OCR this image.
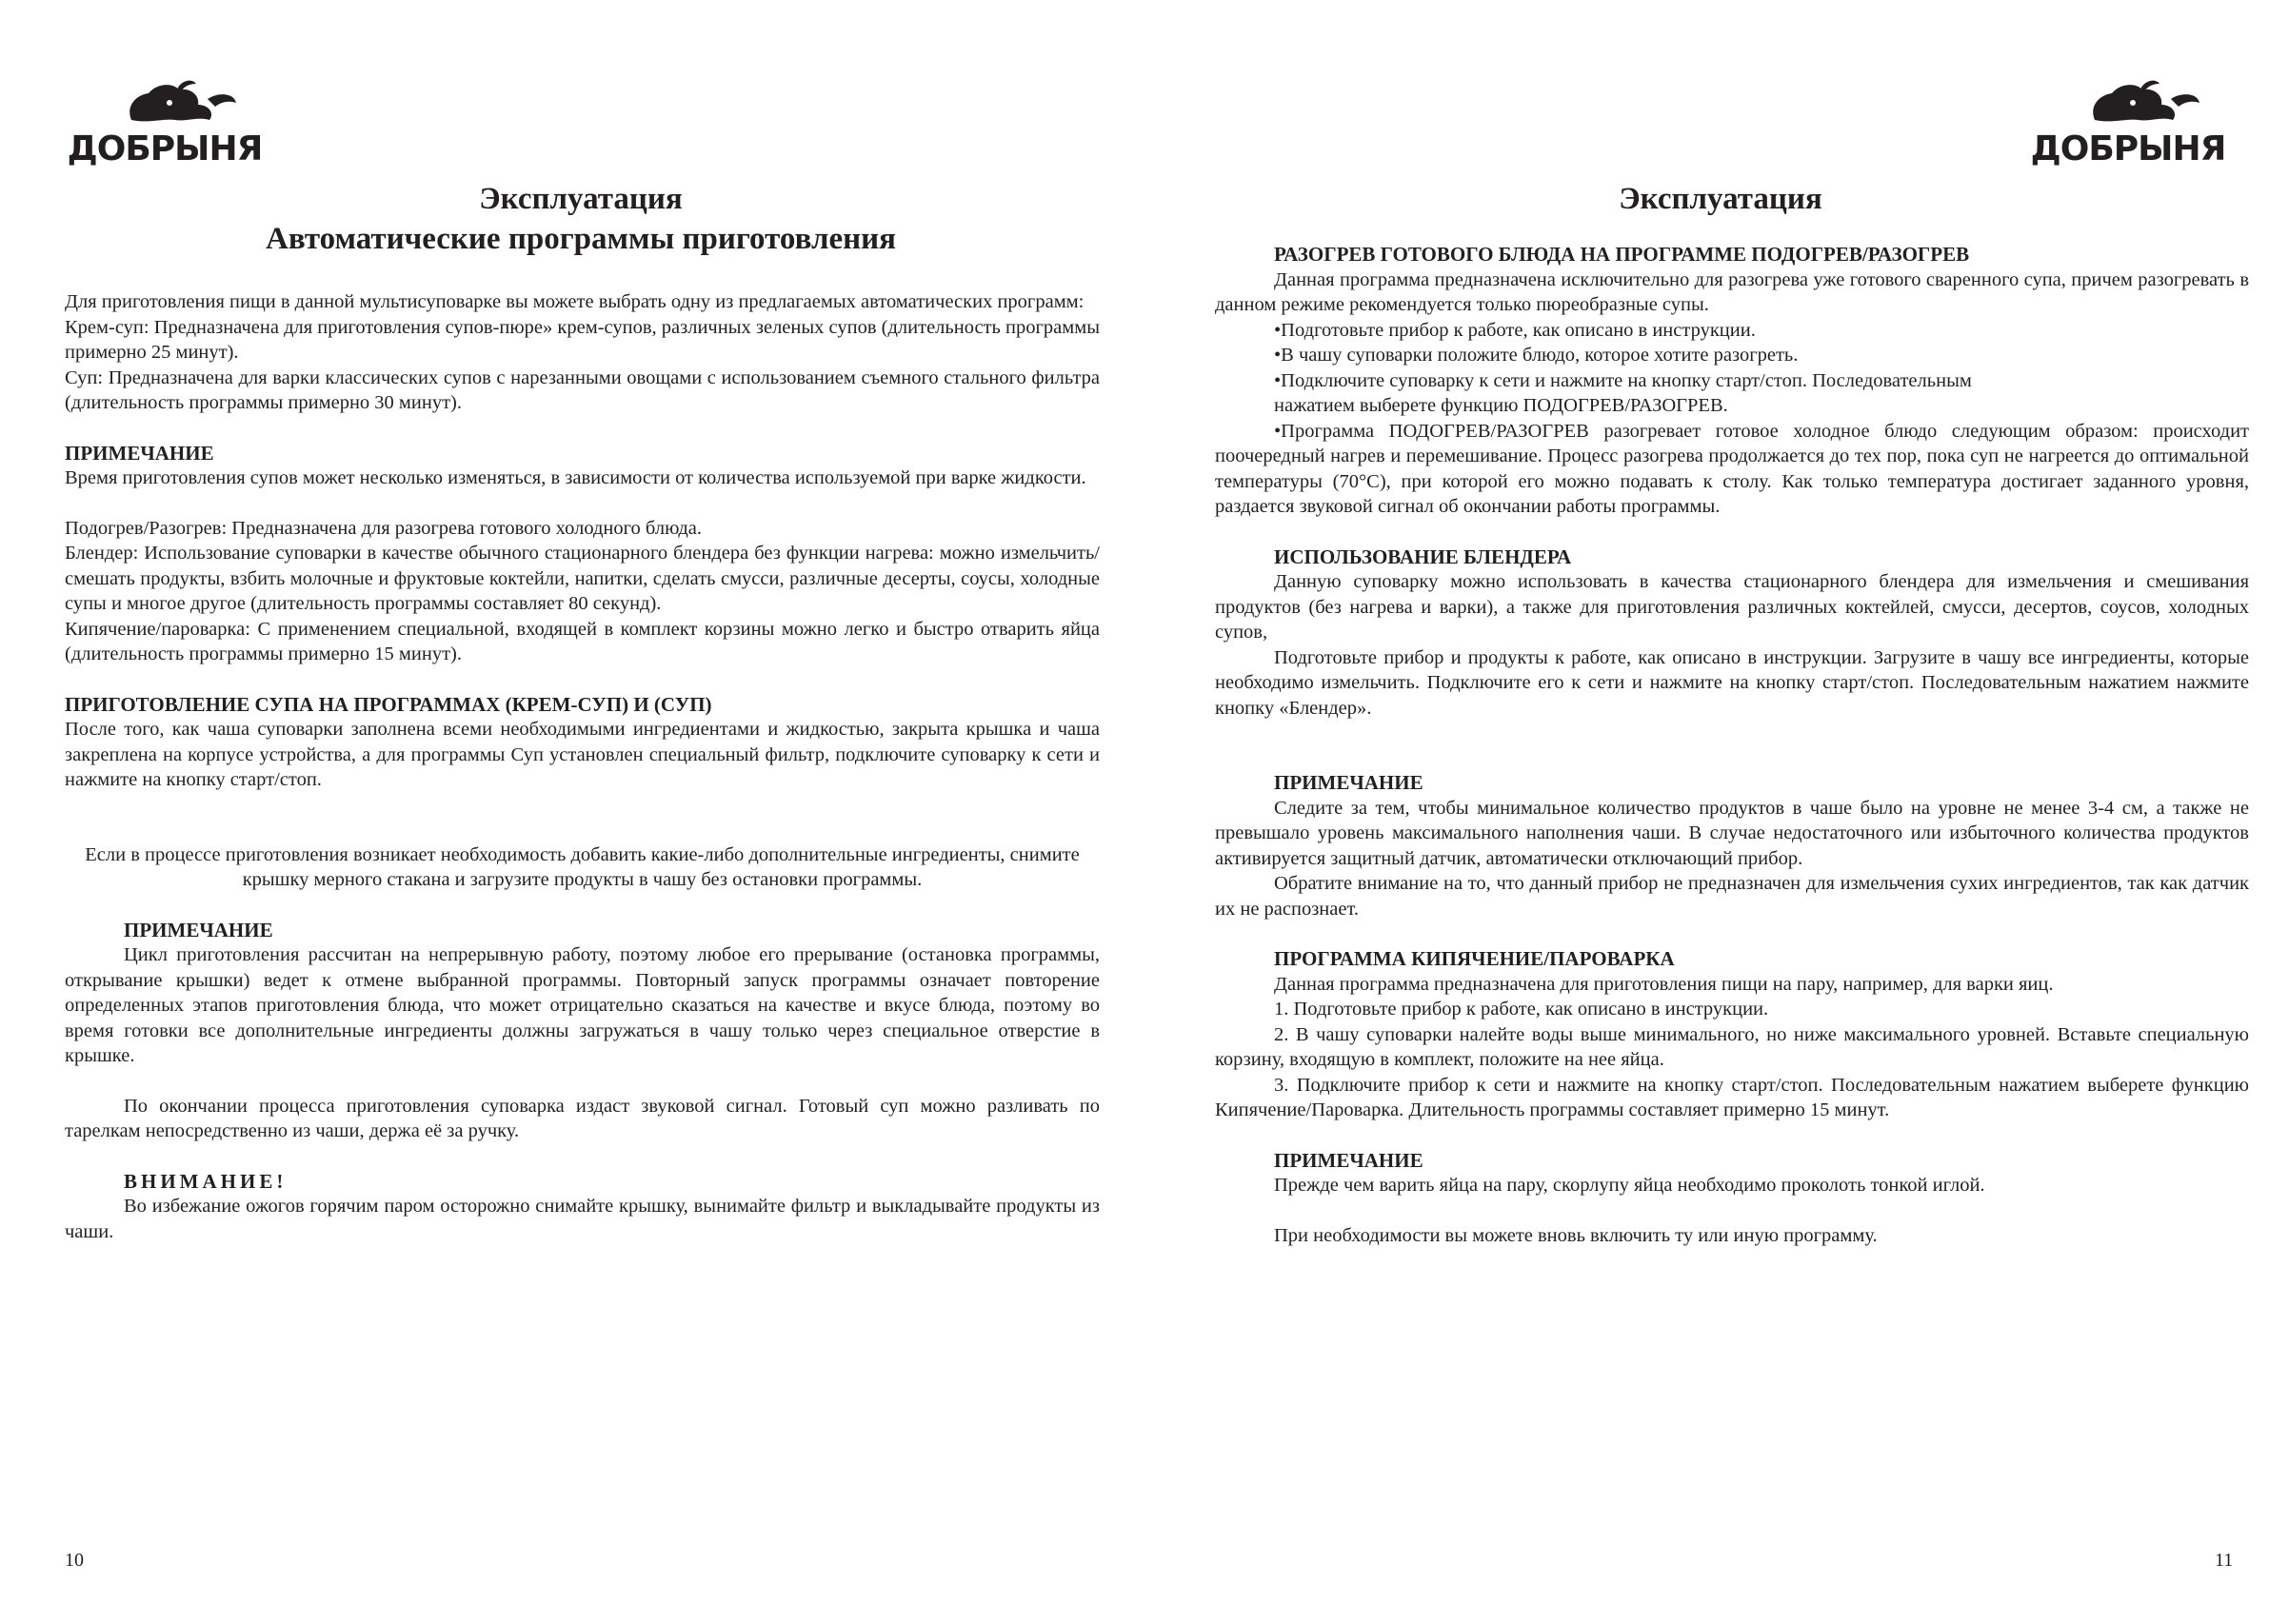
ДОБРЫНЯ
Эксплуатация
Автоматические программы приготовления

Для приготовления пищи в данной мультисуповарке вы можете выбрать одну из предлагаемых автоматических программ:

Крем-суп: Предназначена для приготовления супов-пюре» крем-супов, различных зеленых супов (длительность программы примерно 25 минут).

Суп: Предназначена для варки классических супов с нарезанными овощами с использованием съемного стального фильтра (длительность программы примерно 30 минут).

ПРИМЕЧАНИЕ

Время приготовления супов может несколько изменяться, в зависимости от количества используемой при варке жидкости.

Подогрев/Разогрев: Предназначена для разогрева готового холодного блюда.

Блендер: Использование суповарки в качестве обычного стационарного блендера без функции нагрева: можно измельчить/смешать продукты, взбить молочные и фруктовые коктейли, напитки, сделать смусси, различные десерты, соусы, холодные супы и многое другое (длительность программы составляет 80 секунд).

Кипячение/пароварка: С применением специальной, входящей в комплект корзины можно легко и быстро отварить яйца (длительность программы примерно 15 минут).

ПРИГОТОВЛЕНИЕ СУПА НА ПРОГРАММАХ (КРЕМ-СУП) И (СУП)

После того, как чаша суповарки заполнена всеми необходимыми ингредиентами и жидкостью, закрыта крышка и чаша закреплена на корпусе устройства, а для программы Суп установлен специальный фильтр, подключите суповарку к сети и нажмите на кнопку старт/стоп.

Если в процессе приготовления возникает необходимость добавить какие-либо дополнительные ингредиенты, снимите крышку мерного стакана и загрузите продукты в чашу без остановки программы.

ПРИМЕЧАНИЕ

Цикл приготовления рассчитан на непрерывную работу, поэтому любое его прерывание (остановка программы, открывание крышки) ведет к отмене выбранной программы. Повторный запуск программы означает повторение определенных этапов приготовления блюда, что может отрицательно сказаться на качестве и вкусе блюда, поэтому во время готовки все дополнительные ингредиенты должны загружаться в чашу только через специальное отверстие в крышке.

По окончании процесса приготовления суповарка издаст звуковой сигнал. Готовый суп можно разливать по тарелкам непосредственно из чаши, держа её за ручку.

ВНИМАНИЕ!

Во избежание ожогов горячим паром осторожно снимайте крышку, вынимайте фильтр и выкладывайте продукты из чаши.

10
ДОБРЫНЯ
Эксплуатация

РАЗОГРЕВ ГОТОВОГО БЛЮДА НА ПРОГРАММЕ ПОДОГРЕВ/РАЗОГРЕВ

Данная программа предназначена исключительно для разогрева уже готового сваренного супа, причем разогревать в данном режиме рекомендуется только пюреобразные супы.

•Подготовьте прибор к работе, как описано в инструкции.

•В чашу суповарки положите блюдо, которое хотите разогреть.

•Подключите суповарку к сети и нажмите на кнопку старт/стоп. Последовательным

нажатием выберете функцию ПОДОГРЕВ/РАЗОГРЕВ.

•Программа ПОДОГРЕВ/РАЗОГРЕВ разогревает готовое холодное блюдо следующим образом: происходит поочередный нагрев и перемешивание. Процесс разогрева продолжается до тех пор, пока суп не нагреется до оптимальной температуры (70°С), при которой его можно подавать к столу. Как только температура достигает заданного уровня, раздается звуковой сигнал об окончании работы программы.

ИСПОЛЬЗОВАНИЕ БЛЕНДЕРА

Данную суповарку можно использовать в качества стационарного блендера для измельчения и смешивания продуктов (без нагрева и варки), а также для приготовления различных коктейлей, смусси, десертов, соусов, холодных супов,

Подготовьте прибор и продукты к работе, как описано в инструкции. Загрузите в чашу все ингредиенты, которые необходимо измельчить. Подключите его к сети и нажмите на кнопку старт/стоп. Последовательным нажатием нажмите кнопку «Блендер».

ПРИМЕЧАНИЕ

Следите за тем, чтобы минимальное количество продуктов в чаше было на уровне не менее 3-4 см, а также не превышало уровень максимального наполнения чаши. В случае недостаточного или избыточного количества продуктов активируется защитный датчик, автоматически отключающий прибор.

Обратите внимание на то, что данный прибор не предназначен для измельчения сухих ингредиентов, так как датчик их не распознает.

ПРОГРАММА КИПЯЧЕНИЕ/ПАРОВАРКА

Данная программа предназначена для приготовления пищи на пару, например, для варки яиц.

1. Подготовьте прибор к работе, как описано в инструкции.

2. В чашу суповарки налейте воды выше минимального, но ниже максимального уровней. Вставьте специальную корзину, входящую в комплект, положите на нее яйца.

3. Подключите прибор к сети и нажмите на кнопку старт/стоп. Последовательным нажатием выберете функцию Кипячение/Пароварка. Длительность программы составляет примерно 15 минут.

ПРИМЕЧАНИЕ

Прежде чем варить яйца на пару, скорлупу яйца необходимо проколоть тонкой иглой.

При необходимости вы можете вновь включить ту или иную программу.

11
